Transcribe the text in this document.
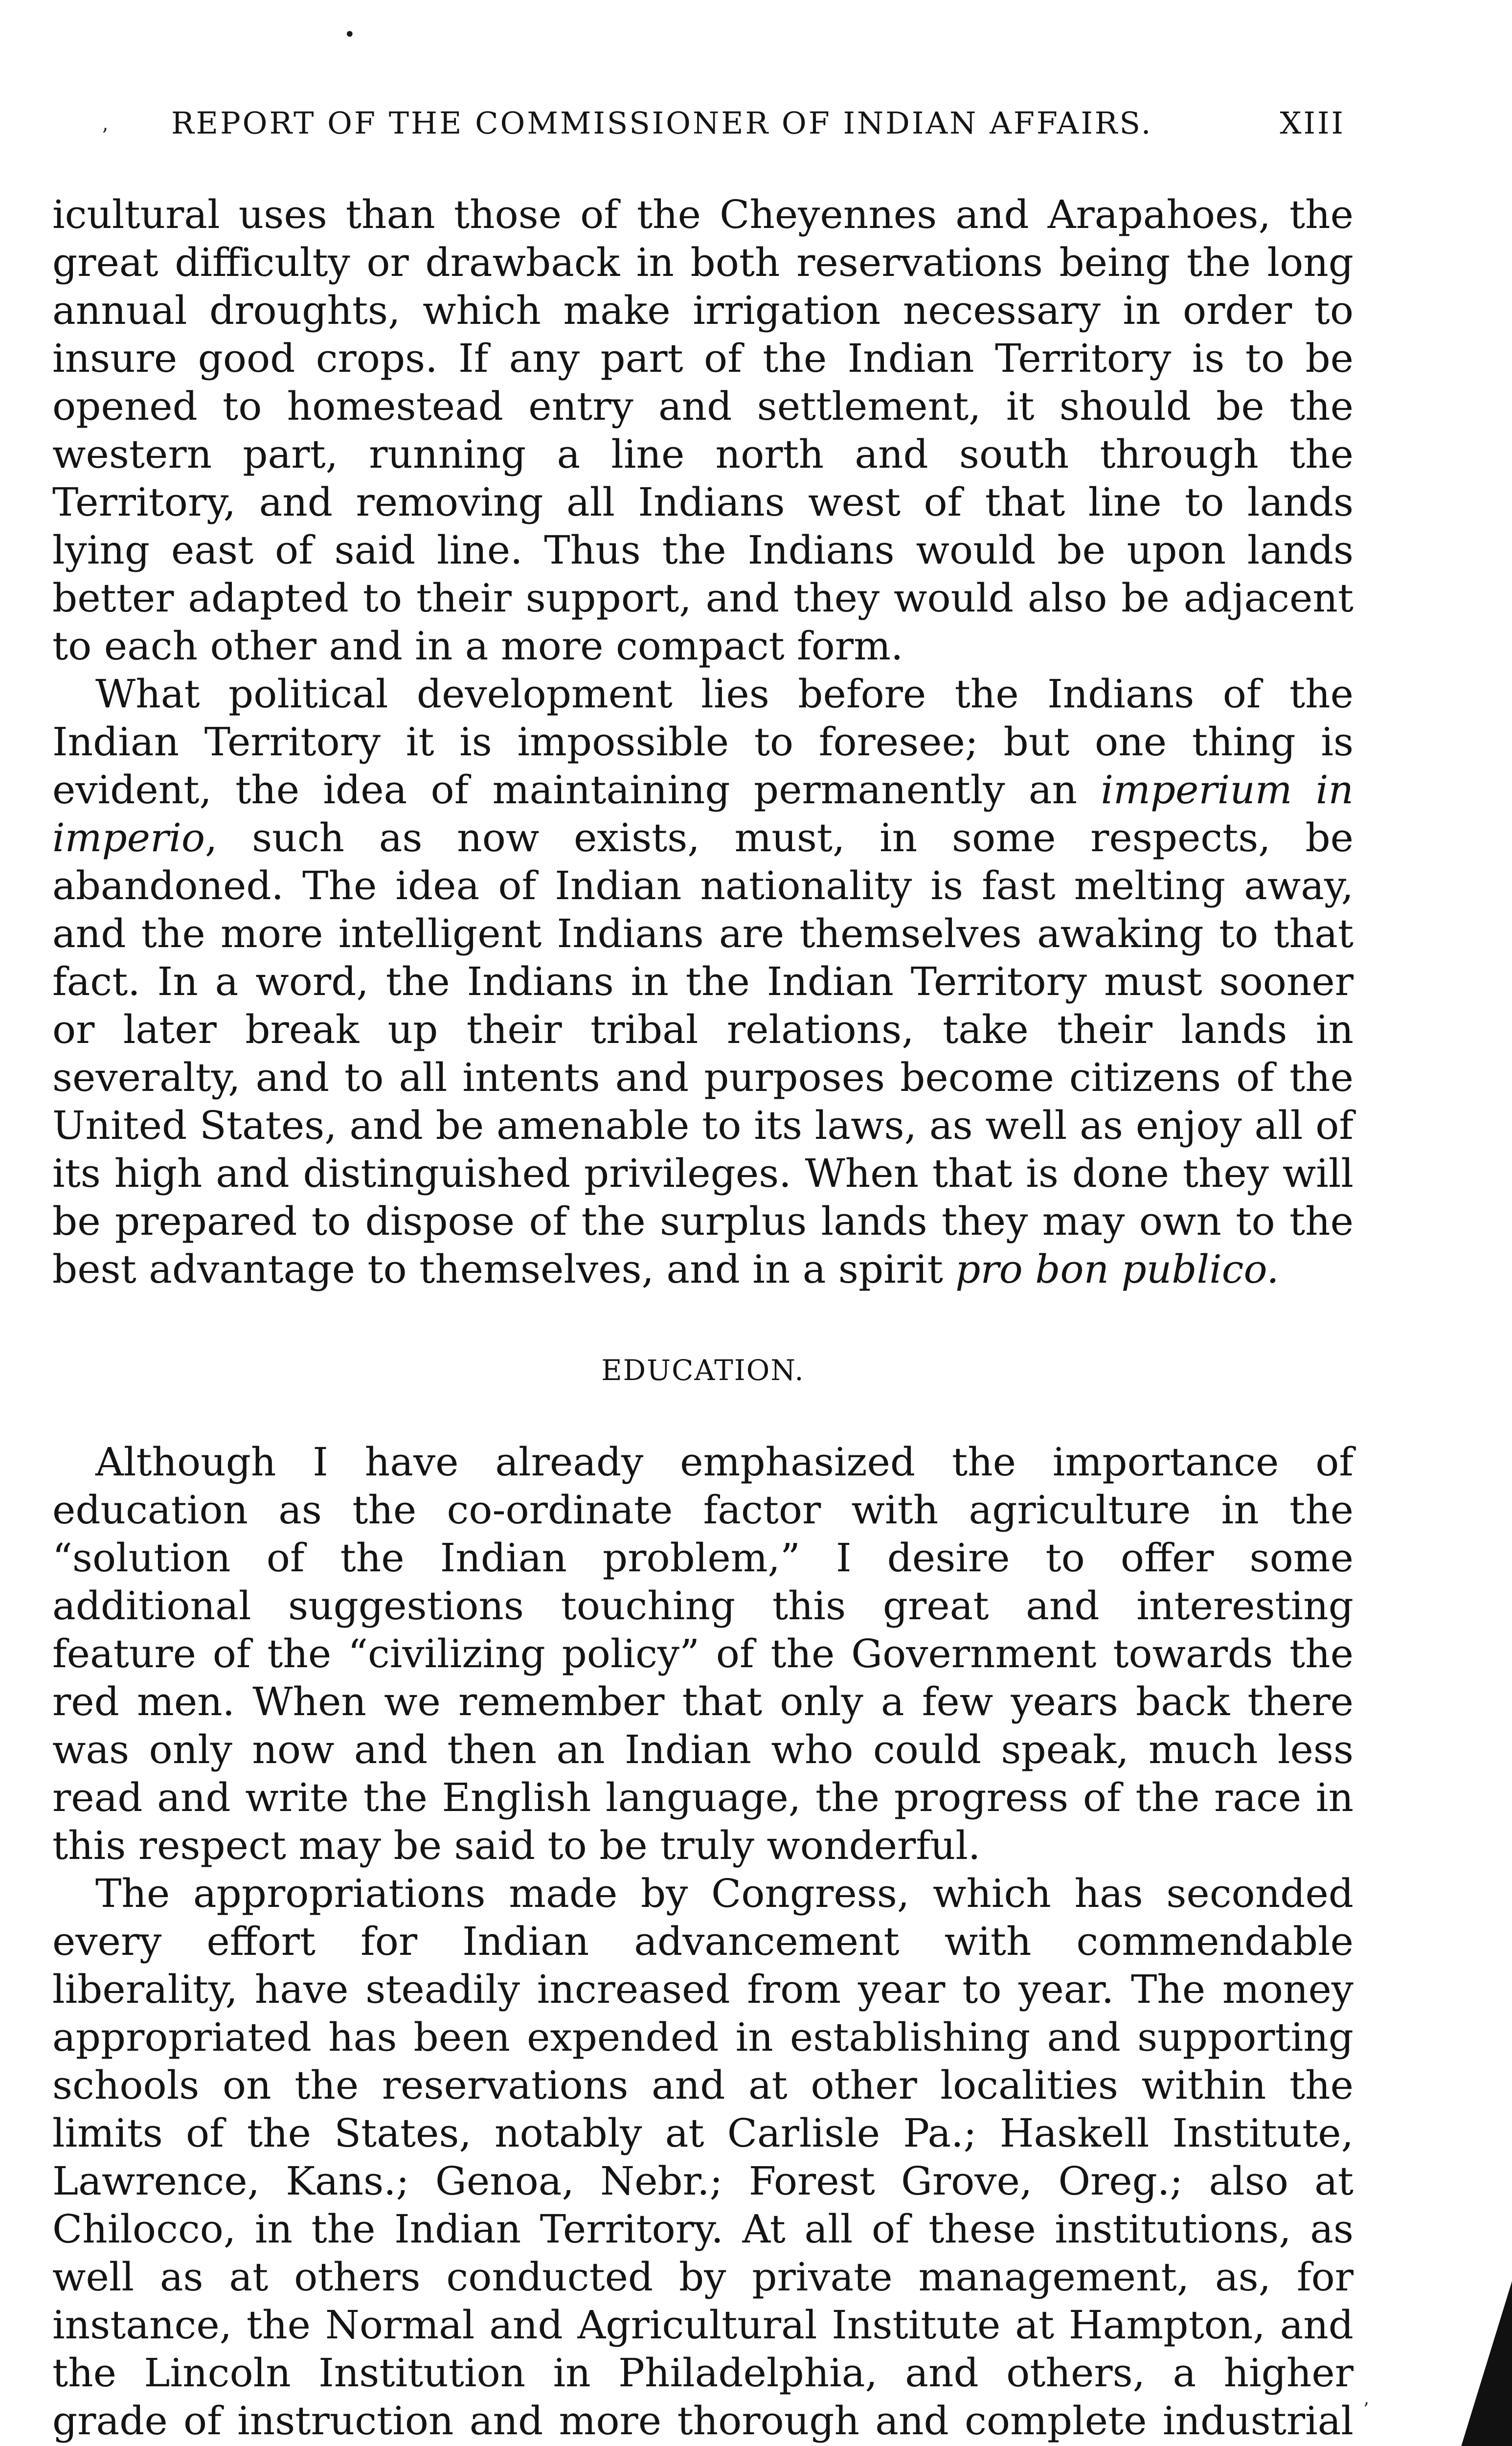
•
’
’
REPORT OF THE COMMISSIONER OF INDIAN AFFAIRS.	XIII

icultural uses than those of the Cheyennes and Arapahoes, the great difficulty or drawback in both reservations being the long annual droughts, which make irrigation necessary in order to insure good crops. If any part of the Indian Territory is to be opened to homestead entry and settlement, it should be the western part, running a line north and south through the Territory, and removing all Indians west of that line to lands lying east of said line. Thus the Indians would be upon lands better adapted to their support, and they would also be adjacent to each other and in a more compact form.

What political development lies before the Indians of the Indian Territory it is impossible to foresee; but one thing is evident, the idea of maintaining permanently an imperium in imperio, such as now exists, must, in some respects, be abandoned. The idea of Indian nationality is fast melting away, and the more intelligent Indians are themselves awaking to that fact. In a word, the Indians in the Indian Territory must sooner or later break up their tribal relations, take their lands in severalty, and to all intents and purposes become citizens of the United States, and be amenable to its laws, as well as enjoy all of its high and distinguished privileges. When that is done they will be prepared to dispose of the surplus lands they may own to the best advantage to themselves, and in a spirit pro bon publico.

EDUCATION.

Although I have already emphasized the importance of education as the co-ordinate factor with agriculture in the “solution of the Indian problem,” I desire to offer some additional suggestions touching this great and interesting feature of the “civilizing policy” of the Government towards the red men. When we remember that only a few years back there was only now and then an Indian who could speak, much less read and write the English language, the progress of the race in this respect may be said to be truly wonderful.

The appropriations made by Congress, which has seconded every effort for Indian advancement with commendable liberality, have steadily increased from year to year. The money appropriated has been expended in establishing and supporting schools on the reservations and at other localities within the limits of the States, notably at Carlisle Pa.; Haskell Institute, Lawrence, Kans.; Genoa, Nebr.; Forest Grove, Oreg.; also at Chilocco, in the Indian Territory. At all of these institutions, as well as at others conducted by private management, as, for instance, the Normal and Agricultural Institute at Hampton, and the Lincoln Institution in Philadelphia, and others, a higher grade of instruction and more thorough and complete industrial
